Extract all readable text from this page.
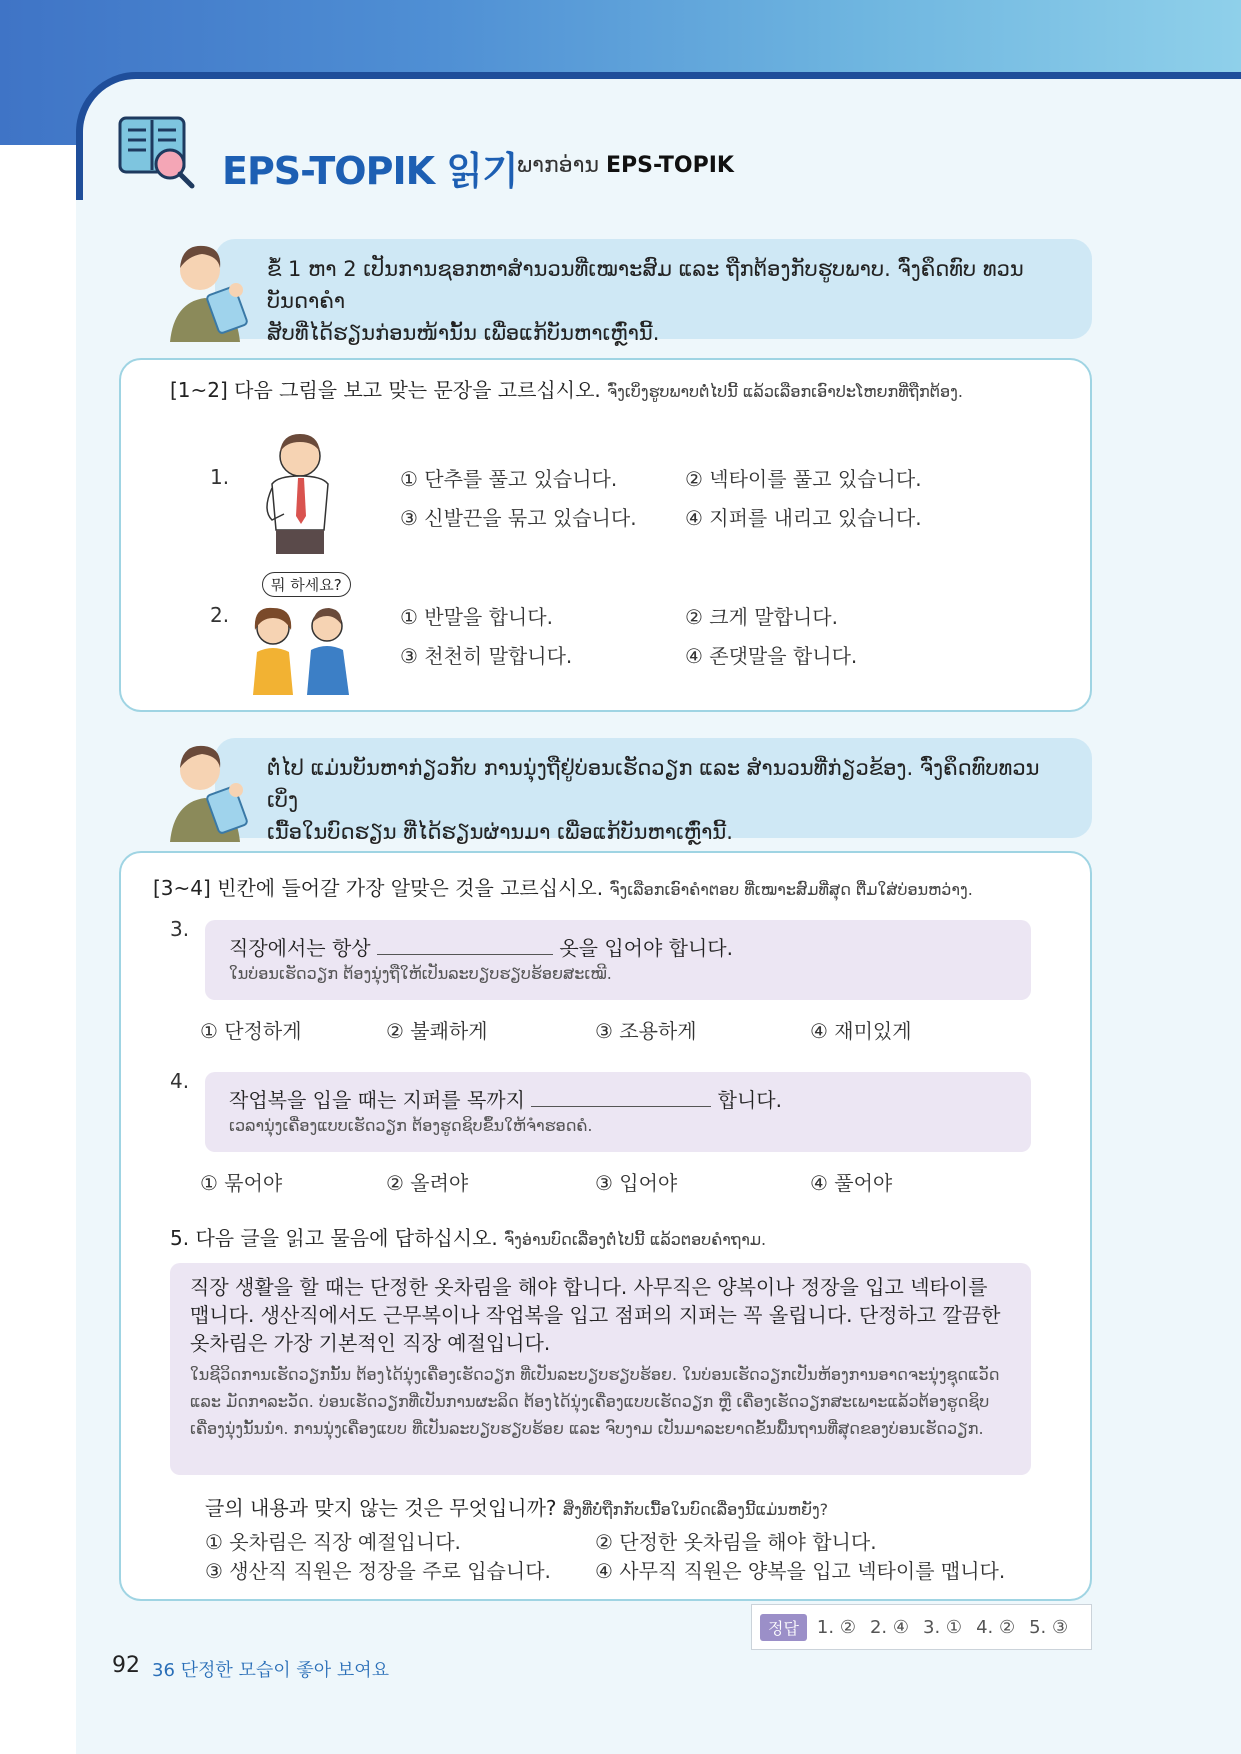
EPS-TOPIK 읽기 ພາກອ່ານ EPS-TOPIK
ຂໍ້ 1 ຫາ 2 ເປັນການຊອກຫາສຳນວນທີ່ເໝາະສົມ ແລະ ຖືກຕ້ອງກັບຮູບພາບ. ຈົ່ງຄຶດທົບ ທວນບັນດາຄຳ
ສັບທີ່ໄດ້ຮຽນກ່ອນໜ້ານັ້ນ ເພື່ອແກ້ບັນຫາເຫຼົ່ານີ້.
[1~2] 다음 그림을 보고 맞는 문장을 고르십시오. ຈົ່ງເບິ່ງຮູບພາບຕໍ່ໄປນີ້ ແລ້ວເລືອກເອົາປະໂຫຍກທີ່ຖືກຕ້ອງ.
1.	① 단추를 풀고 있습니다.	② 넥타이를 풀고 있습니다.
③ 신발끈을 묶고 있습니다. ④ 지퍼를 내리고 있습니다.
2.
뭐 하세요?
① 반말을 합니다.	② 크게 말합니다.
③ 천천히 말합니다.	④ 존댓말을 합니다.
ຕໍ່ໄປ ແມ່ນບັນຫາກ່ຽວກັບ ການນຸ່ງຖືຢູ່ບ່ອນເຮັດວຽກ ແລະ ສຳນວນທີ່ກ່ຽວຂ້ອງ. ຈົ່ງຄຶດທົບທວນເບິ່ງ
ເນື້ອໃນບົດຮຽນ ທີ່ໄດ້ຮຽນຜ່ານມາ ເພື່ອແກ້ບັນຫາເຫຼົ່ານີ້.
[3~4] 빈칸에 들어갈 가장 알맞은 것을 고르십시오. ຈົ່ງເລືອກເອົາຄຳຕອບ ທີ່ເໝາະສົມທີ່ສຸດ ຕື່ມໃສ່ບ່ອນຫວ່າງ.
3.
직장에서는 항상	옷을 입어야 합니다.
ໃນບ່ອນເຮັດວຽກ ຕ້ອງນຸ່ງຖືໃຫ້ເປັນລະບຽບຮຽບຮ້ອຍສະເໝີ.
① 단정하게	② 불쾌하게	③ 조용하게	④ 재미있게
4.
작업복을 입을 때는 지퍼를 목까지	합니다.
ເວລານຸ່ງເຄື່ອງແບບເຮັດວຽກ ຕ້ອງຮູດຊິບຂຶ້ນໃຫ້ຈຳຮອດຄໍ.
① 묶어야	② 올려야	③ 입어야	④ 풀어야
5. 다음 글을 읽고 물음에 답하십시오. ຈົ່ງອ່ານບົດເລື່ອງຕໍ່ໄປນີ້ ແລ້ວຕອບຄຳຖາມ.
직장 생활을 할 때는 단정한 옷차림을 해야 합니다. 사무직은 양복이나 정장을 입고 넥타이를 맵니다. 생산직에서도 근무복이나 작업복을 입고 점퍼의 지퍼는 꼭 올립니다. 단정하고 깔끔한 옷차림은 가장 기본적인 직장 예절입니다.
ໃນຊີວິດການເຮັດວຽກນັ້ນ ຕ້ອງໄດ້ນຸ່ງເຄື່ອງເຮັດວຽກ ທີ່ເປັນລະບຽບຮຽບຮ້ອຍ. ໃນບ່ອນເຮັດວຽກເປັນຫ້ອງການອາດຈະນຸ່ງຊຸດແວັດ ແລະ ມັດກາລະວັດ. ບ່ອນເຮັດວຽກທີ່ເປັນການຜະລິດ ຕ້ອງໄດ້ນຸ່ງເຄື່ອງແບບເຮັດວຽກ ຫຼື ເຄື່ອງເຮັດວຽກສະເພາະແລ້ວຕ້ອງຮູດຊິບເຄື່ອງນຸ່ງນັ້ນນຳ. ການນຸ່ງເຄື່ອງແບບ ທີ່ເປັນລະບຽບຮຽບຮ້ອຍ ແລະ ຈົບງາມ ເປັນມາລະຍາດຂັ້ນພື້ນຖານທີ່ສຸດຂອງບ່ອນເຮັດວຽກ.
글의 내용과 맞지 않는 것은 무엇입니까? ສິ່ງທີ່ບໍ່ຖືກກັບເນື້ອໃນບົດເລື່ອງນີ້ແມ່ນຫຍັງ?
① 옷차림은 직장 예절입니다.	② 단정한 옷차림을 해야 합니다.
③ 생산직 직원은 정장을 주로 입습니다. ④ 사무직 직원은 양복을 입고 넥타이를 맵니다.
정답	1. ② 2. ④ 3. ① 4. ② 5. ③
92 36 단정한 모습이 좋아 보여요
